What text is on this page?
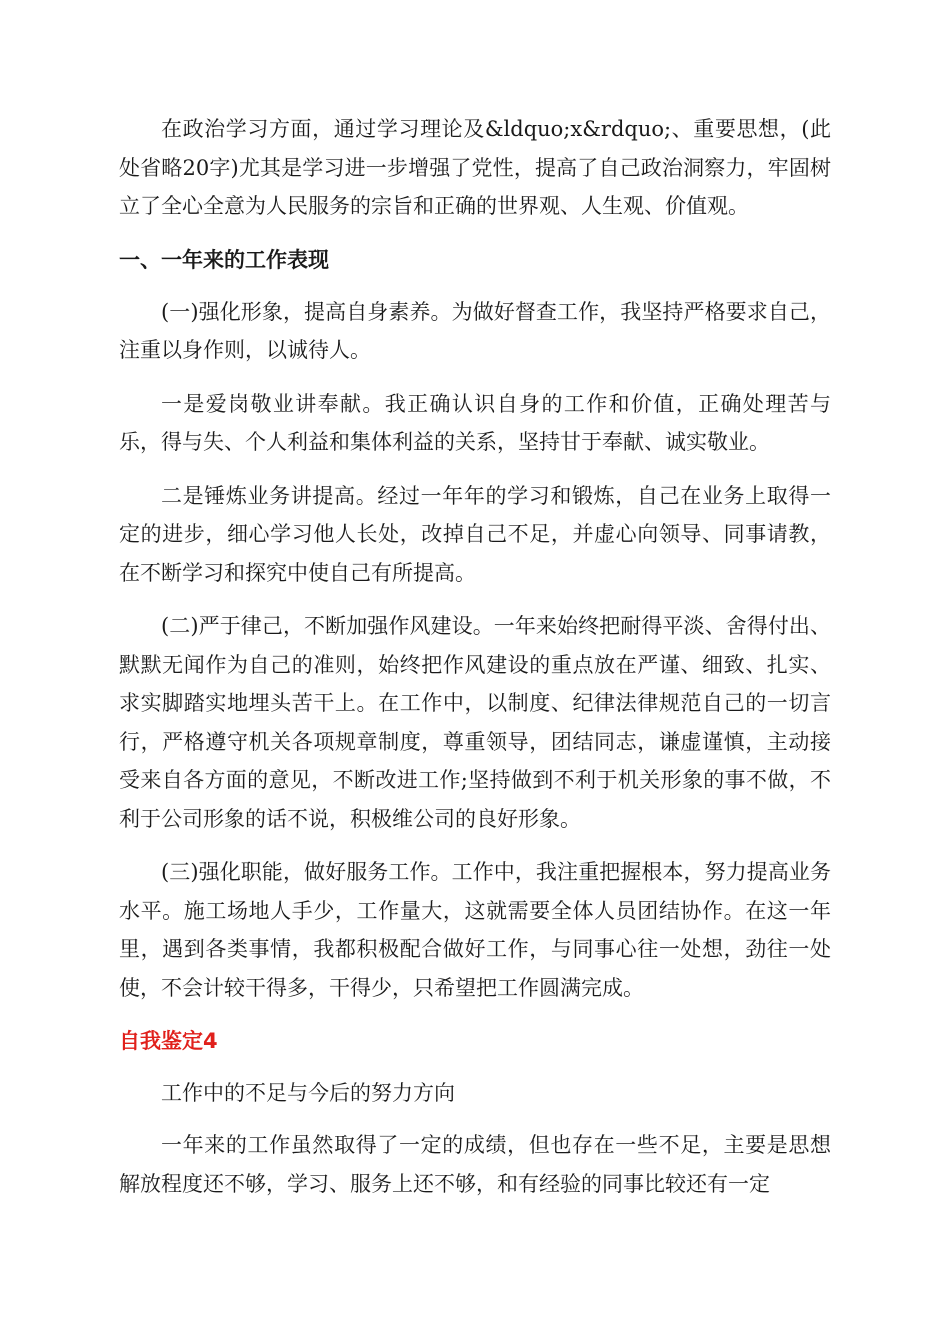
在政治学习方面，通过学习理论及&ldquo;x&rdquo;、重要思想，(此处省略20字)尤其是学习进一步增强了党性，提高了自己政治洞察力，牢固树立了全心全意为人民服务的宗旨和正确的世界观、人生观、价值观。

一、一年来的工作表现

(一)强化形象，提高自身素养。为做好督查工作，我坚持严格要求自己，注重以身作则，以诚待人。

一是爱岗敬业讲奉献。我正确认识自身的工作和价值，正确处理苦与乐，得与失、个人利益和集体利益的关系，坚持甘于奉献、诚实敬业。

二是锤炼业务讲提高。经过一年年的学习和锻炼，自己在业务上取得一定的进步，细心学习他人长处，改掉自己不足，并虚心向领导、同事请教，在不断学习和探究中使自己有所提高。

(二)严于律己，不断加强作风建设。一年来始终把耐得平淡、舍得付出、默默无闻作为自己的准则，始终把作风建设的重点放在严谨、细致、扎实、求实脚踏实地埋头苦干上。在工作中，以制度、纪律法律规范自己的一切言行，严格遵守机关各项规章制度，尊重领导，团结同志，谦虚谨慎，主动接受来自各方面的意见，不断改进工作;坚持做到不利于机关形象的事不做，不利于公司形象的话不说，积极维公司的良好形象。

(三)强化职能，做好服务工作。工作中，我注重把握根本，努力提高业务水平。施工场地人手少，工作量大，这就需要全体人员团结协作。在这一年里，遇到各类事情，我都积极配合做好工作，与同事心往一处想，劲往一处使，不会计较干得多，干得少，只希望把工作圆满完成。

自我鉴定4
工作中的不足与今后的努力方向

一年来的工作虽然取得了一定的成绩，但也存在一些不足，主要是思想解放程度还不够，学习、服务上还不够，和有经验的同事比较还有一定
